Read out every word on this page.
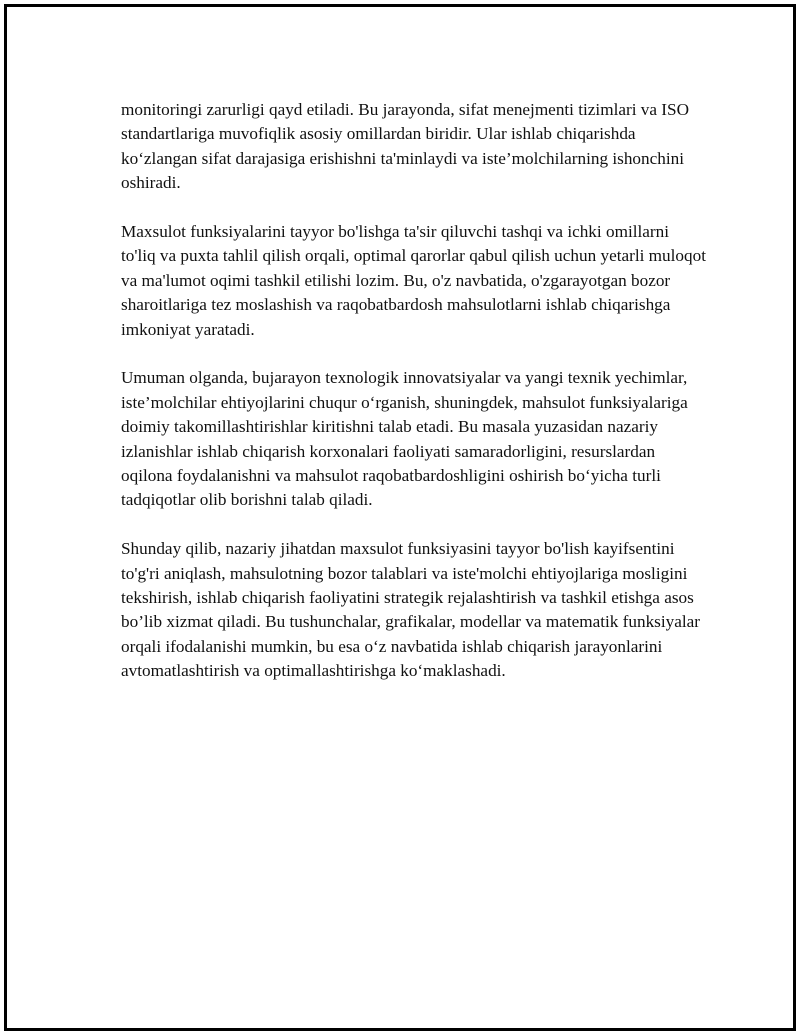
monitoringi zarurligi qayd etiladi. Bu jarayonda, sifat menejmenti tizimlari va ISO standartlariga muvofiqlik asosiy omillardan biridir. Ular ishlab chiqarishda ko‘zlangan sifat darajasiga erishishni ta'minlaydi va iste’molchilarning ishonchini oshiradi.

Maxsulot funksiyalarini tayyor bo'lishga ta'sir qiluvchi tashqi va ichki omillarni to'liq va puxta tahlil qilish orqali, optimal qarorlar qabul qilish uchun yetarli muloqot va ma'lumot oqimi tashkil etilishi lozim. Bu, o'z navbatida, o'zgarayotgan bozor sharoitlariga tez moslashish va raqobatbardosh mahsulotlarni ishlab chiqarishga imkoniyat yaratadi.

Umuman olganda, bujarayon texnologik innovatsiyalar va yangi texnik yechimlar, iste’molchilar ehtiyojlarini chuqur o‘rganish, shuningdek, mahsulot funksiyalariga doimiy takomillashtirishlar kiritishni talab etadi. Bu masala yuzasidan nazariy izlanishlar ishlab chiqarish korxonalari faoliyati samaradorligini, resurslardan oqilona foydalanishni va mahsulot raqobatbardoshligini oshirish bo‘yicha turli tadqiqotlar olib borishni talab qiladi.

Shunday qilib, nazariy jihatdan maxsulot funksiyasini tayyor bo'lish kayifsentini to'g'ri aniqlash, mahsulotning bozor talablari va iste'molchi ehtiyojlariga mosligini tekshirish, ishlab chiqarish faoliyatini strategik rejalashtirish va tashkil etishga asos bo’lib xizmat qiladi. Bu tushunchalar, grafikalar, modellar va matematik funksiyalar orqali ifodalanishi mumkin, bu esa o‘z navbatida ishlab chiqarish jarayonlarini avtomatlashtirish va optimallashtirishga ko‘maklashadi.
